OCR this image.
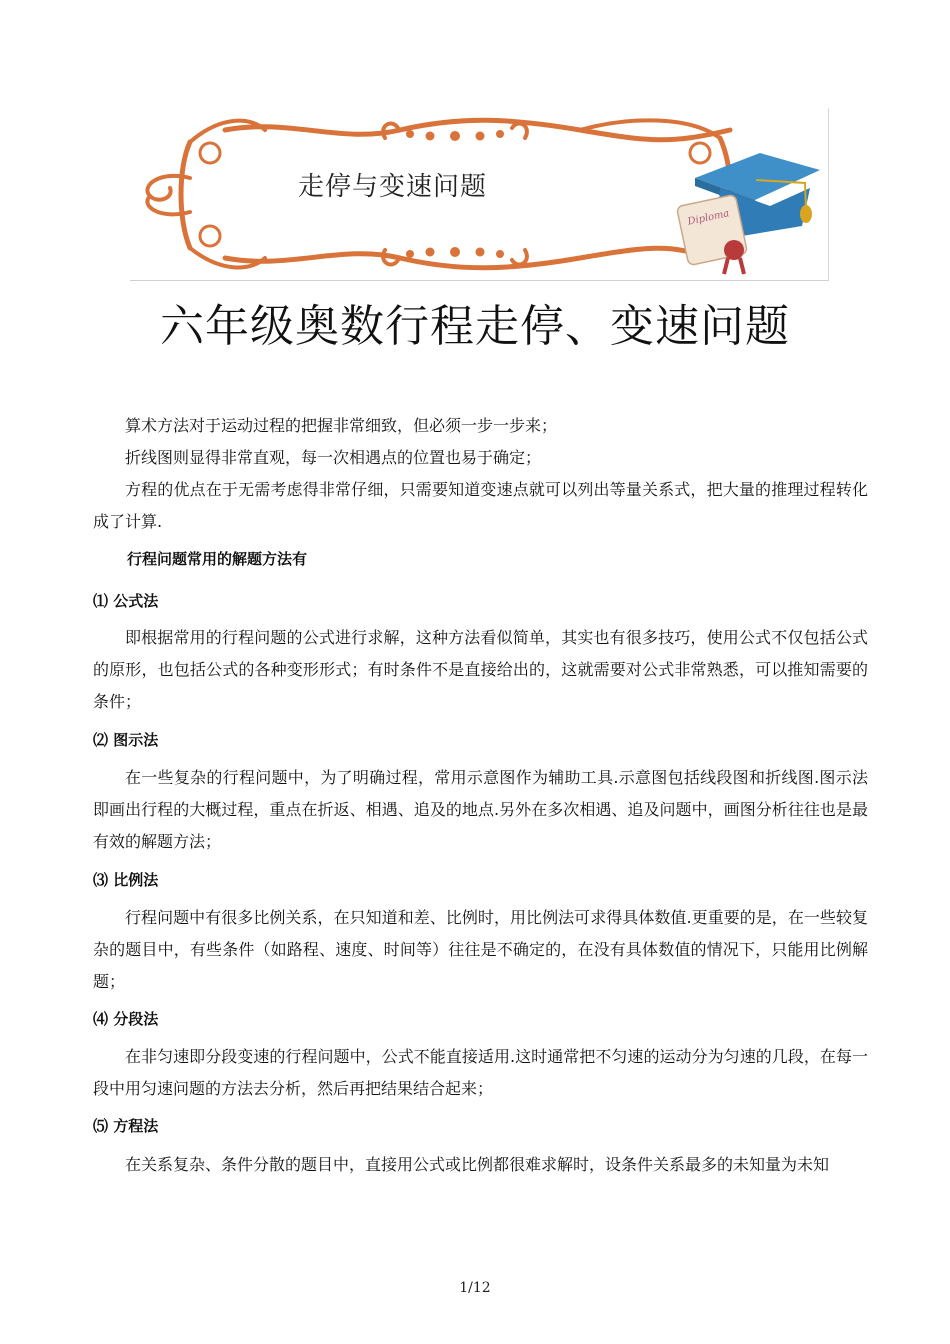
Diploma
走停与变速问题
六年级奥数行程走停、变速问题

算术方法对于运动过程的把握非常细致，但必须一步一步来；

折线图则显得非常直观，每一次相遇点的位置也易于确定；

方程的优点在于无需考虑得非常仔细，只需要知道变速点就可以列出等量关系式，把大量的推理过程转化成了计算.

行程问题常用的解题方法有
⑴ 公式法

即根据常用的行程问题的公式进行求解，这种方法看似简单，其实也有很多技巧，使用公式不仅包括公式的原形，也包括公式的各种变形形式；有时条件不是直接给出的，这就需要对公式非常熟悉，可以推知需要的条件；

⑵ 图示法

在一些复杂的行程问题中，为了明确过程，常用示意图作为辅助工具.示意图包括线段图和折线图.图示法即画出行程的大概过程，重点在折返、相遇、追及的地点.另外在多次相遇、追及问题中，画图分析往往也是最有效的解题方法；

⑶ 比例法

行程问题中有很多比例关系，在只知道和差、比例时，用比例法可求得具体数值.更重要的是，在一些较复杂的题目中，有些条件（如路程、速度、时间等）往往是不确定的，在没有具体数值的情况下，只能用比例解题；

⑷ 分段法

在非匀速即分段变速的行程问题中，公式不能直接适用.这时通常把不匀速的运动分为匀速的几段，在每一段中用匀速问题的方法去分析，然后再把结果结合起来；

⑸ 方程法

在关系复杂、条件分散的题目中，直接用公式或比例都很难求解时，设条件关系最多的未知量为未知

1/12
